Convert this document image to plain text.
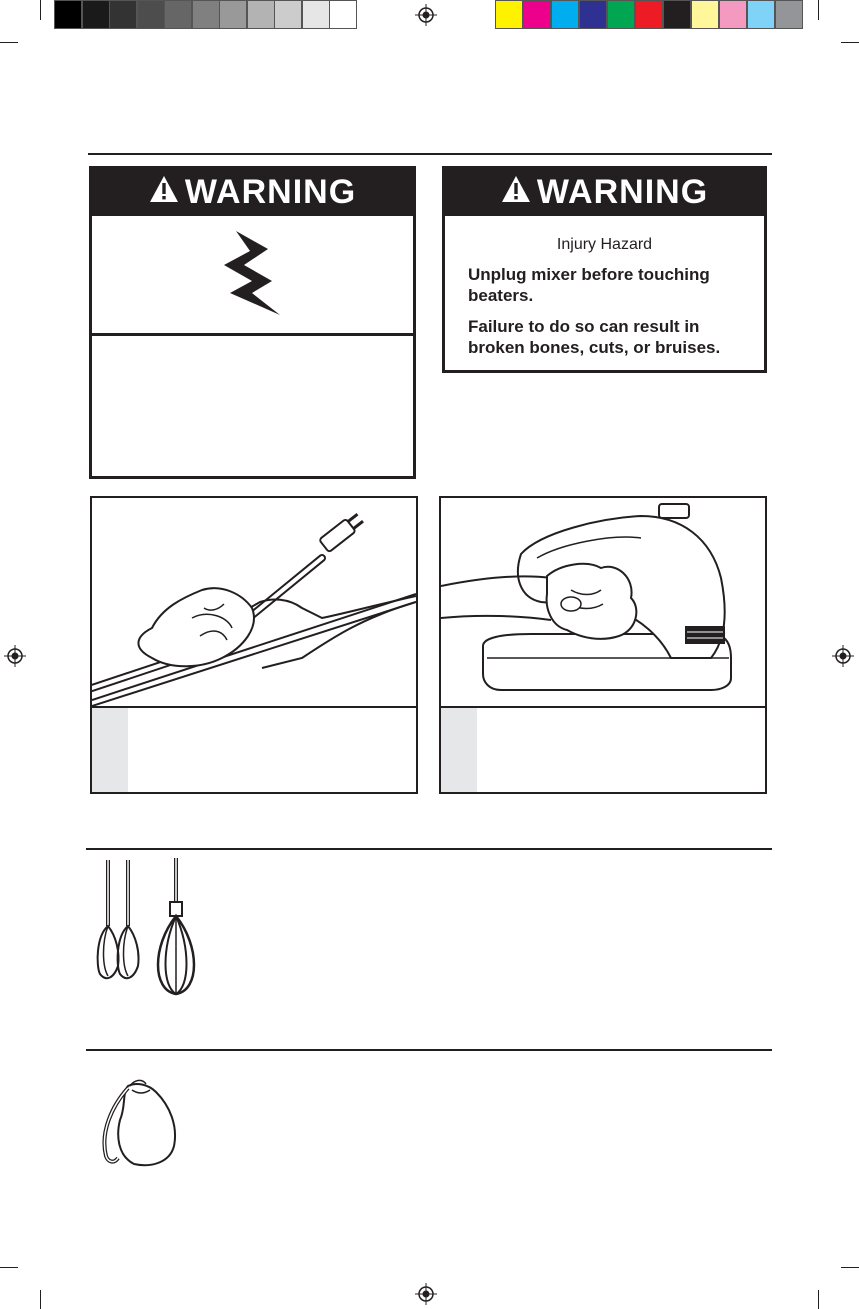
WARNING	WARNING
Injury Hazard
Unplug mixer before touching beaters.
Failure to do so can result in broken bones, cuts, or bruises.
